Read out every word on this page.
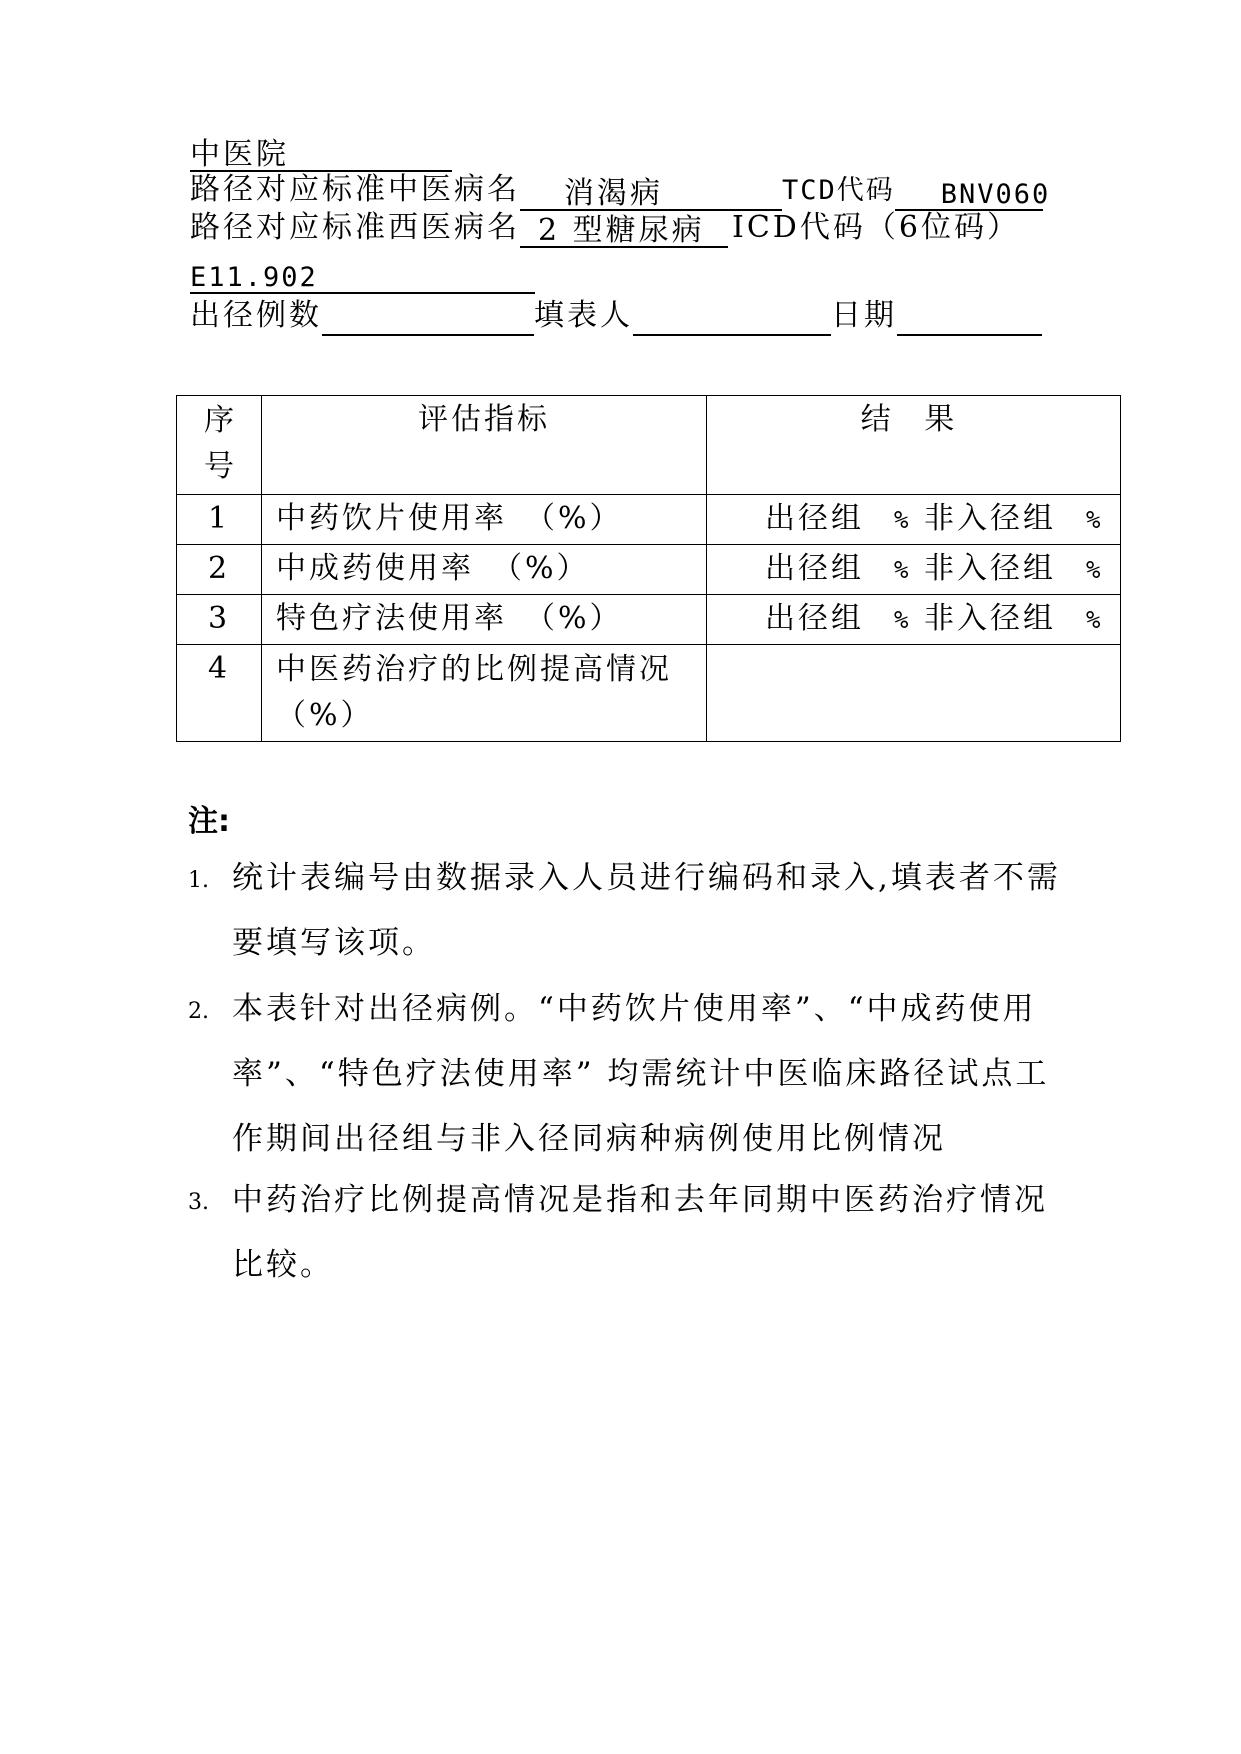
中医院
路径对应标准中医病名 消渴病	TCD代码 BNV060
路径对应标准西医病名 2 型糖尿病 ICD代码（6位码）
E11.902
出径例数	填表人	日期
序号	评估指标	结 果
1	中药饮片使用率　（%）	出径组 % 非入径组 %
2	中成药使用率　（%）	出径组 % 非入径组 %
3	特色疗法使用率　（%）	出径组 % 非入径组 %
4	中医药治疗的比例提高情况（%）	
注:
1. 统计表编号由数据录入人员进行编码和录入,填表者不需要填写该项。
2. 本表针对出径病例。“中药饮片使用率”、“中成药使用率”、“特色疗法使用率” 均需统计中医临床路径试点工作期间出径组与非入径同病种病例使用比例情况
3. 中药治疗比例提高情况是指和去年同期中医药治疗情况比较。
